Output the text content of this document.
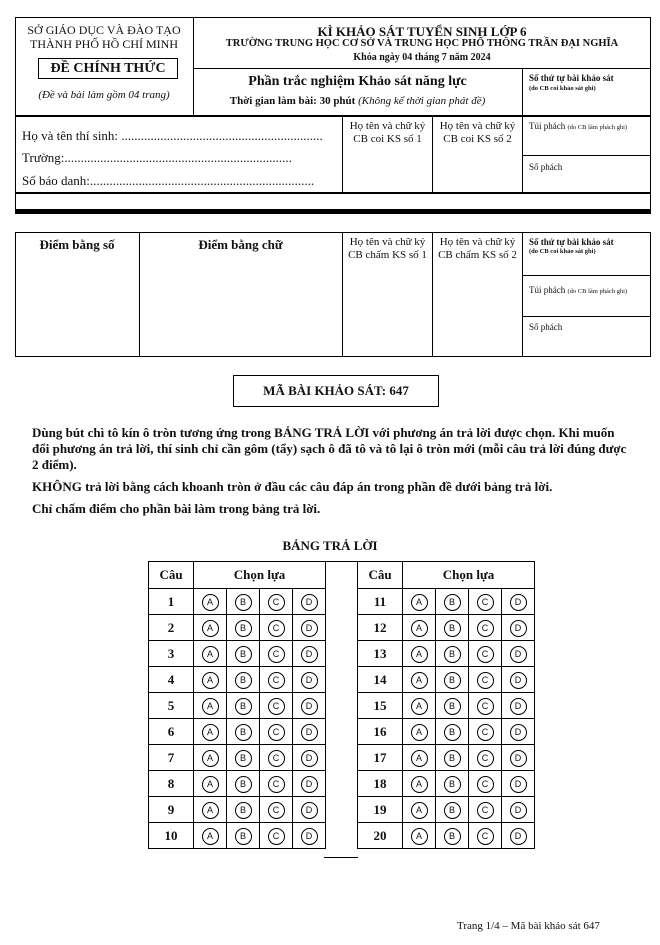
SỞ GIÁO DỤC VÀ ĐÀO TẠO
THÀNH PHỐ HỒ CHÍ MINH
ĐỀ CHÍNH THỨC
(Đề và bài làm gồm 04 trang)
KÌ KHẢO SÁT TUYỂN SINH LỚP 6
TRƯỜNG TRUNG HỌC CƠ SỞ VÀ TRUNG HỌC PHỔ THÔNG TRẦN ĐẠI NGHĨA
Khóa ngày 04 tháng 7 năm 2024
Phần trắc nghiệm Khảo sát năng lực
Thời gian làm bài: 30 phút (Không kể thời gian phát đề)
Số thứ tự bài khảo sát
(do CB coi khảo sát ghi)
Họ và tên thí sinh: ..............................................................
Trường:......................................................................
Số báo danh:.....................................................................
Họ tên và chữ ký CB coi KS số 1
Họ tên và chữ ký CB coi KS số 2
Túi phách (do CB làm phách ghi)
Số phách
Điểm bằng số	Điểm bằng chữ	Họ tên và chữ ký CB chấm KS số 1
Họ tên và chữ ký CB chấm KS số 2
Số thứ tự bài khảo sát
(do CB coi khảo sát ghi)
Túi phách (do CB làm phách ghi)
Số phách
MÃ BÀI KHẢO SÁT: 647

Dùng bút chì tô kín ô tròn tương ứng trong BẢNG TRẢ LỜI với phương án trả lời được chọn. Khi muốn đổi phương án trả lời, thí sinh chỉ cần gôm (tẩy) sạch ô đã tô và tô lại ô tròn mới (mỗi câu trả lời đúng được 2 điểm).

KHÔNG trả lời bằng cách khoanh tròn ở đầu các câu đáp án trong phần đề dưới bảng trả lời.

Chỉ chấm điểm cho phần bài làm trong bảng trả lời.

BẢNG TRẢ LỜI
Câu	Chọn lựa			
1	A	B	C	D
2	A	B	C	D
3	A	B	C	D
4	A	B	C	D
5	A	B	C	D
6	A	B	C	D
7	A	B	C	D
8	A	B	C	D
9	A	B	C	D
10	A	B	C	D
Câu	Chọn lựa			
11	A	B	C	D
12	A	B	C	D
13	A	B	C	D
14	A	B	C	D
15	A	B	C	D
16	A	B	C	D
17	A	B	C	D
18	A	B	C	D
19	A	B	C	D
20	A	B	C	D
Trang 1/4 – Mã bài khảo sát 647
